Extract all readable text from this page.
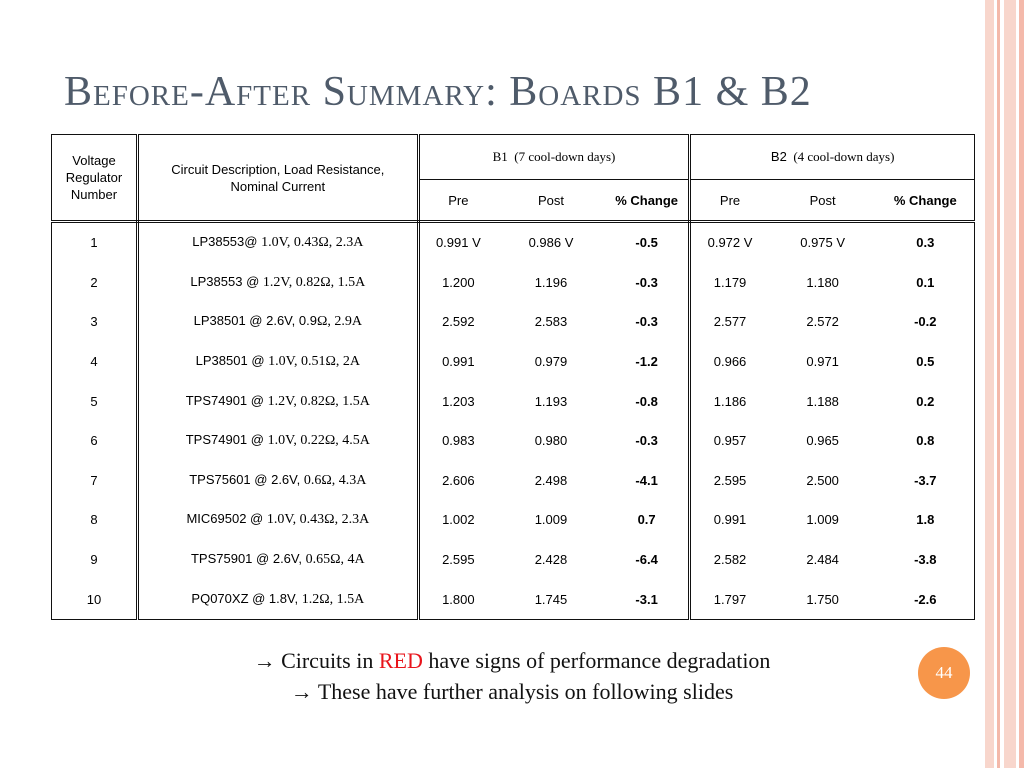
Before-After Summary: Boards B1 & B2
Voltage Regulator Number	Circuit Description, Load Resistance, Nominal Current	B1 (7 cool-down days)			B2 (4 cool-down days)		
		Pre	Post	% Change	Pre	Post	% Change
1	LP38553@ 1.0V, 0.43Ω, 2.3A	0.991 V	0.986 V	-0.5	0.972 V	0.975 V	0.3
2	LP38553 @ 1.2V, 0.82Ω, 1.5A	1.200	1.196	-0.3	1.179	1.180	0.1
3	LP38501 @ 2.6V, 0.9Ω, 2.9A	2.592	2.583	-0.3	2.577	2.572	-0.2
4	LP38501 @ 1.0V, 0.51Ω, 2A	0.991	0.979	-1.2	0.966	0.971	0.5
5	TPS74901 @ 1.2V, 0.82Ω, 1.5A	1.203	1.193	-0.8	1.186	1.188	0.2
6	TPS74901 @ 1.0V, 0.22Ω, 4.5A	0.983	0.980	-0.3	0.957	0.965	0.8
7	TPS75601 @ 2.6V, 0.6Ω, 4.3A	2.606	2.498	-4.1	2.595	2.500	-3.7
8	MIC69502 @ 1.0V, 0.43Ω, 2.3A	1.002	1.009	0.7	0.991	1.009	1.8
9	TPS75901 @ 2.6V, 0.65Ω, 4A	2.595	2.428	-6.4	2.582	2.484	-3.8
10	PQ070XZ @ 1.8V, 1.2Ω, 1.5A	1.800	1.745	-3.1	1.797	1.750	-2.6
→ Circuits in RED have signs of performance degradation
→ These have further analysis on following slides
44
